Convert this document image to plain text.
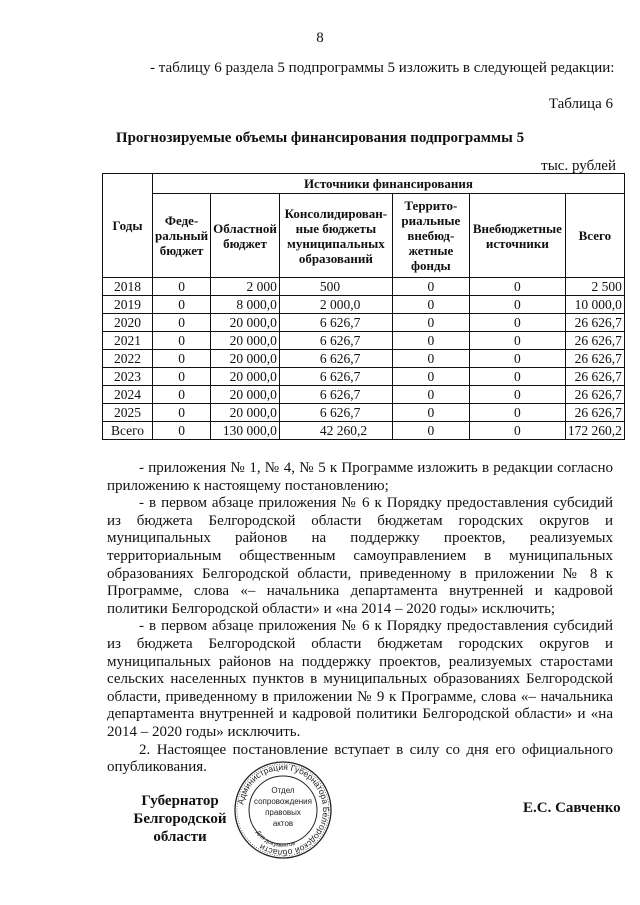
8
- таблицу 6 раздела 5 подпрограммы 5 изложить в следующей редакции:
Таблица 6
Прогнозируемые объемы финансирования подпрограммы 5
тыс. рублей
Годы	Источники финансирования					
	Феде-ральный бюджет	Областной бюджет	Консолидирован-ные бюджеты муниципальных образований	Террито-риальные внебюд-жетные фонды	Внебюджетные источники	Всего
2018	0	2 000	500	0	0	2 500
2019	0	8 000,0	2 000,0	0	0	10 000,0
2020	0	20 000,0	6 626,7	0	0	26 626,7
2021	0	20 000,0	6 626,7	0	0	26 626,7
2022	0	20 000,0	6 626,7	0	0	26 626,7
2023	0	20 000,0	6 626,7	0	0	26 626,7
2024	0	20 000,0	6 626,7	0	0	26 626,7
2025	0	20 000,0	6 626,7	0	0	26 626,7
Всего	0	130 000,0	42 260,2	0	0	172 260,2

- приложения № 1, № 4, № 5 к Программе изложить в редакции согласно приложению к настоящему постановлению;

- в первом абзаце приложения № 6 к Порядку предоставления субсидий из бюджета Белгородской области бюджетам городских округов и муниципальных районов на поддержку проектов, реализуемых территориальным общественным самоуправлением в муниципальных образованиях Белгородской области, приведенному в приложении № 8 к Программе, слова «– начальника департамента внутренней и кадровой политики Белгородской области» и «на 2014 – 2020 годы» исключить;

- в первом абзаце приложения № 6 к Порядку предоставления субсидий из бюджета Белгородской области бюджетам городских округов и муниципальных районов на поддержку проектов, реализуемых старостами сельских населенных пунктов в муниципальных образованиях Белгородской области, приведенному в приложении № 9 к Программе, слова «– начальника департамента внутренней и кадровой политики Белгородской области» и «на 2014 – 2020 годы» исключить.

2. Настоящее постановление вступает в силу со дня его официального опубликования.

Губернатор
Белгородской области
Е.С. Савченко
Администрация Губернатора Белгородской области
Для документов
Отдел
сопровождения
правовых
актов
